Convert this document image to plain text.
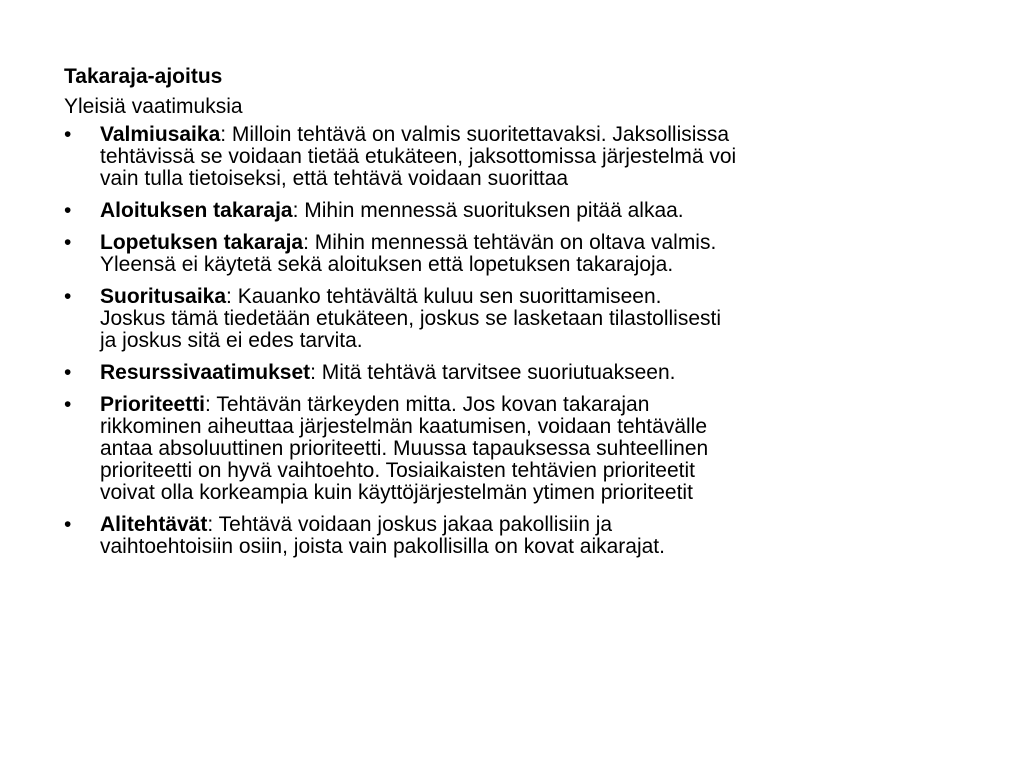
Takaraja-ajoitus

Yleisiä vaatimuksia

• Valmiusaika: Milloin tehtävä on valmis suoritettavaksi. Jaksollisissa
tehtävissä se voidaan tietää etukäteen, jaksottomissa järjestelmä voi
vain tulla tietoiseksi, että tehtävä voidaan suorittaa
• Aloituksen takaraja: Mihin mennessä suorituksen pitää alkaa.
• Lopetuksen takaraja: Mihin mennessä tehtävän on oltava valmis.
Yleensä ei käytetä sekä aloituksen että lopetuksen takarajoja.
• Suoritusaika: Kauanko tehtävältä kuluu sen suorittamiseen.
Joskus tämä tiedetään etukäteen, joskus se lasketaan tilastollisesti
ja joskus sitä ei edes tarvita.
• Resurssivaatimukset: Mitä tehtävä tarvitsee suoriutuakseen.
• Prioriteetti: Tehtävän tärkeyden mitta. Jos kovan takarajan
rikkominen aiheuttaa järjestelmän kaatumisen, voidaan tehtävälle
antaa absoluuttinen prioriteetti. Muussa tapauksessa suhteellinen
prioriteetti on hyvä vaihtoehto. Tosiaikaisten tehtävien prioriteetit
voivat olla korkeampia kuin käyttöjärjestelmän ytimen prioriteetit
• Alitehtävät: Tehtävä voidaan joskus jakaa pakollisiin ja
vaihtoehtoisiin osiin, joista vain pakollisilla on kovat aikarajat.
